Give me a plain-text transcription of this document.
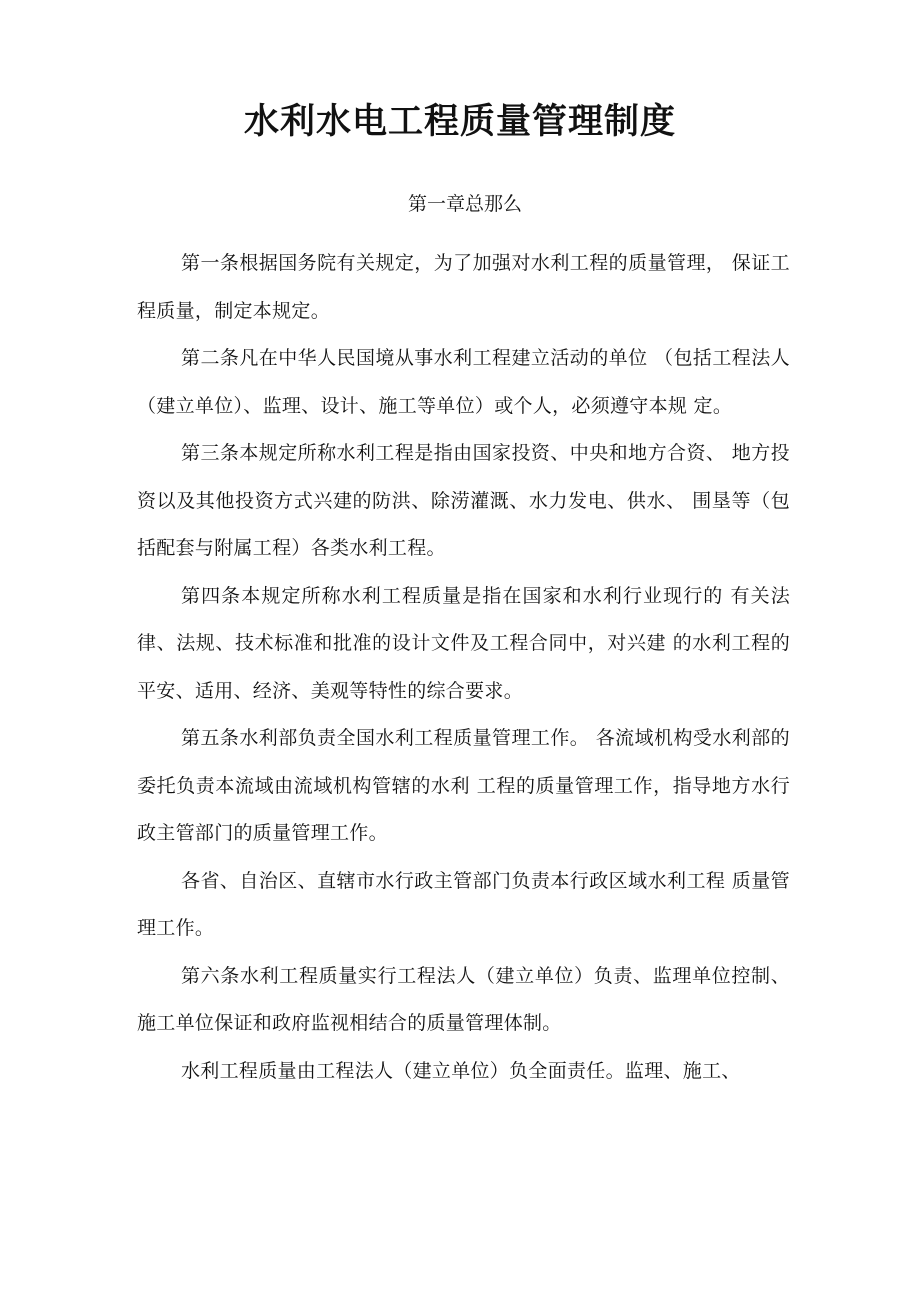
水利水电工程质量管理制度

第一章总那么

第一条根据国务院有关规定，为了加强对水利工程的质量管理， 保证工程质量，制定本规定。

第二条凡在中华人民国境从事水利工程建立活动的单位 （包括工程法人（建立单位）、监理、设计、施工等单位）或个人，必须遵守本规 定。

第三条本规定所称水利工程是指由国家投资、中央和地方合资、 地方投资以及其他投资方式兴建的防洪、除涝灌溉、水力发电、供水、 围垦等（包括配套与附属工程）各类水利工程。

第四条本规定所称水利工程质量是指在国家和水利行业现行的 有关法律、法规、技术标准和批准的设计文件及工程合同中，对兴建 的水利工程的平安、适用、经济、美观等特性的综合要求。

第五条水利部负责全国水利工程质量管理工作。 各流域机构受水利部的委托负责本流域由流域机构管辖的水利 工程的质量管理工作，指导地方水行政主管部门的质量管理工作。

各省、自治区、直辖市水行政主管部门负责本行政区域水利工程 质量管理工作。

第六条水利工程质量实行工程法人（建立单位）负责、监理单位控制、施工单位保证和政府监视相结合的质量管理体制。

水利工程质量由工程法人（建立单位）负全面责任。监理、施工、
